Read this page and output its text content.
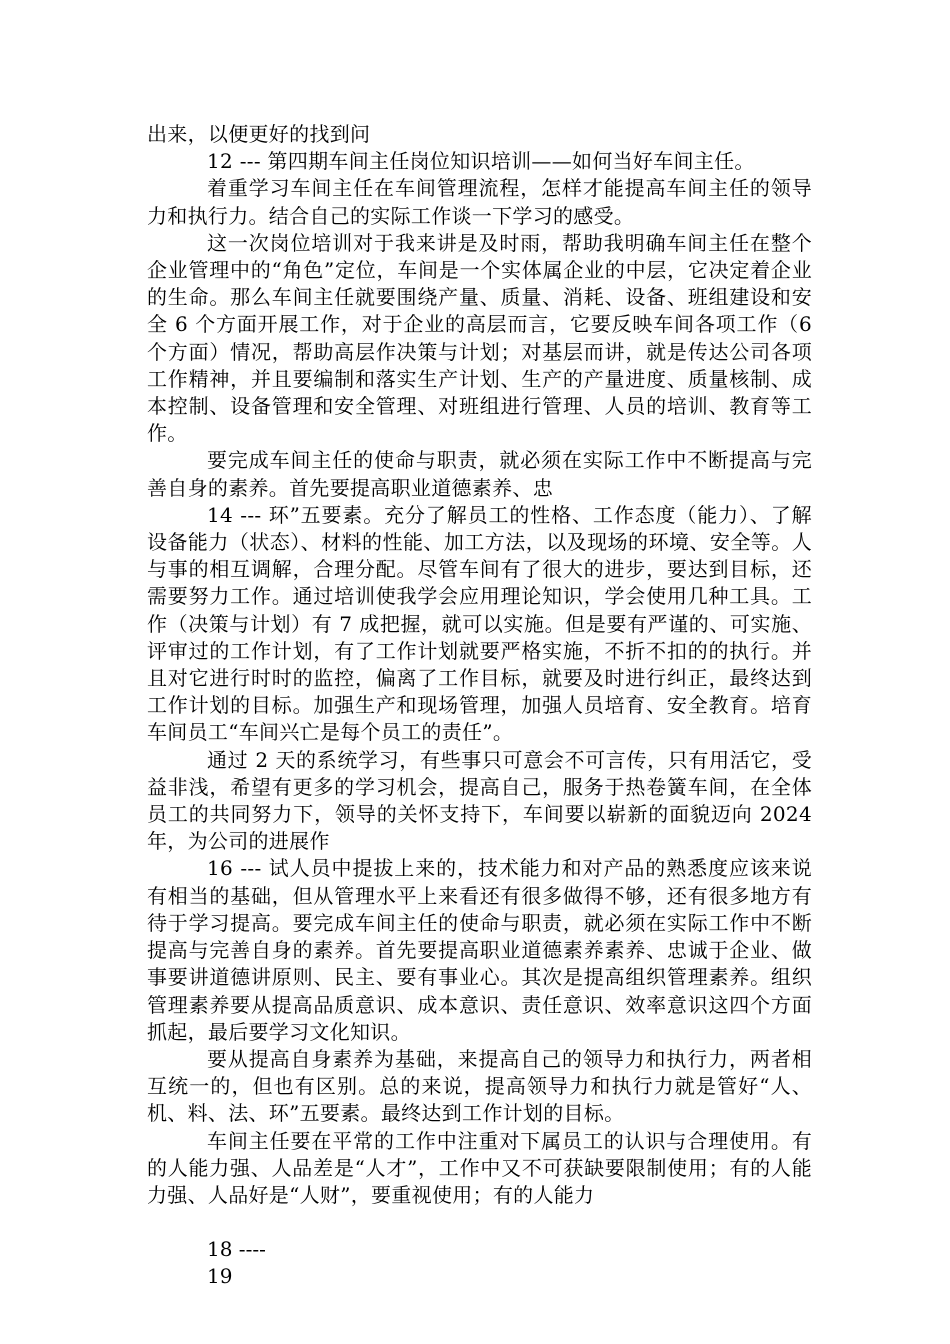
出来，以便更好的找到问

12 --- 第四期车间主任岗位知识培训——如何当好车间主任。

着重学习车间主任在车间管理流程，怎样才能提高车间主任的领导力和执行力。结合自己的实际工作谈一下学习的感受。

这一次岗位培训对于我来讲是及时雨，帮助我明确车间主任在整个企业管理中的“角色”定位，车间是一个实体属企业的中层，它决定着企业的生命。那么车间主任就要围绕产量、质量、消耗、设备、班组建设和安全 6 个方面开展工作，对于企业的高层而言，它要反映车间各项工作（6 个方面）情况，帮助高层作决策与计划；对基层而讲，就是传达公司各项工作精神，并且要编制和落实生产计划、生产的产量进度、质量核制、成本控制、设备管理和安全管理、对班组进行管理、人员的培训、教育等工作。

要完成车间主任的使命与职责，就必须在实际工作中不断提高与完善自身的素养。首先要提高职业道德素养、忠

14 --- 环”五要素。充分了解员工的性格、工作态度（能力）、了解设备能力（状态）、材料的性能、加工方法，以及现场的环境、安全等。人与事的相互调解，合理分配。尽管车间有了很大的进步，要达到目标，还需要努力工作。通过培训使我学会应用理论知识，学会使用几种工具。工作（决策与计划）有 7 成把握，就可以实施。但是要有严谨的、可实施、评审过的工作计划，有了工作计划就要严格实施，不折不扣的的执行。并且对它进行时时的监控，偏离了工作目标，就要及时进行纠正，最终达到工作计划的目标。加强生产和现场管理，加强人员培育、安全教育。培育车间员工“车间兴亡是每个员工的责任”。

通过 2 天的系统学习，有些事只可意会不可言传，只有用活它，受益非浅，希望有更多的学习机会，提高自己，服务于热卷簧车间，在全体员工的共同努力下，领导的关怀支持下，车间要以崭新的面貌迈向 2024 年，为公司的进展作

16 --- 试人员中提拔上来的，技术能力和对产品的熟悉度应该来说有相当的基础，但从管理水平上来看还有很多做得不够，还有很多地方有待于学习提高。要完成车间主任的使命与职责，就必须在实际工作中不断提高与完善自身的素养。首先要提高职业道德素养素养、忠诚于企业、做事要讲道德讲原则、民主、要有事业心。其次是提高组织管理素养。组织管理素养要从提高品质意识、成本意识、责任意识、效率意识这四个方面抓起，最后要学习文化知识。

要从提高自身素养为基础，来提高自己的领导力和执行力，两者相互统一的，但也有区别。总的来说，提高领导力和执行力就是管好“人、机、料、法、环”五要素。最终达到工作计划的目标。

车间主任要在平常的工作中注重对下属员工的认识与合理使用。有的人能力强、人品差是“人才”，工作中又不可获缺要限制使用；有的人能力强、人品好是“人财”，要重视使用；有的人能力

18 ----

19
